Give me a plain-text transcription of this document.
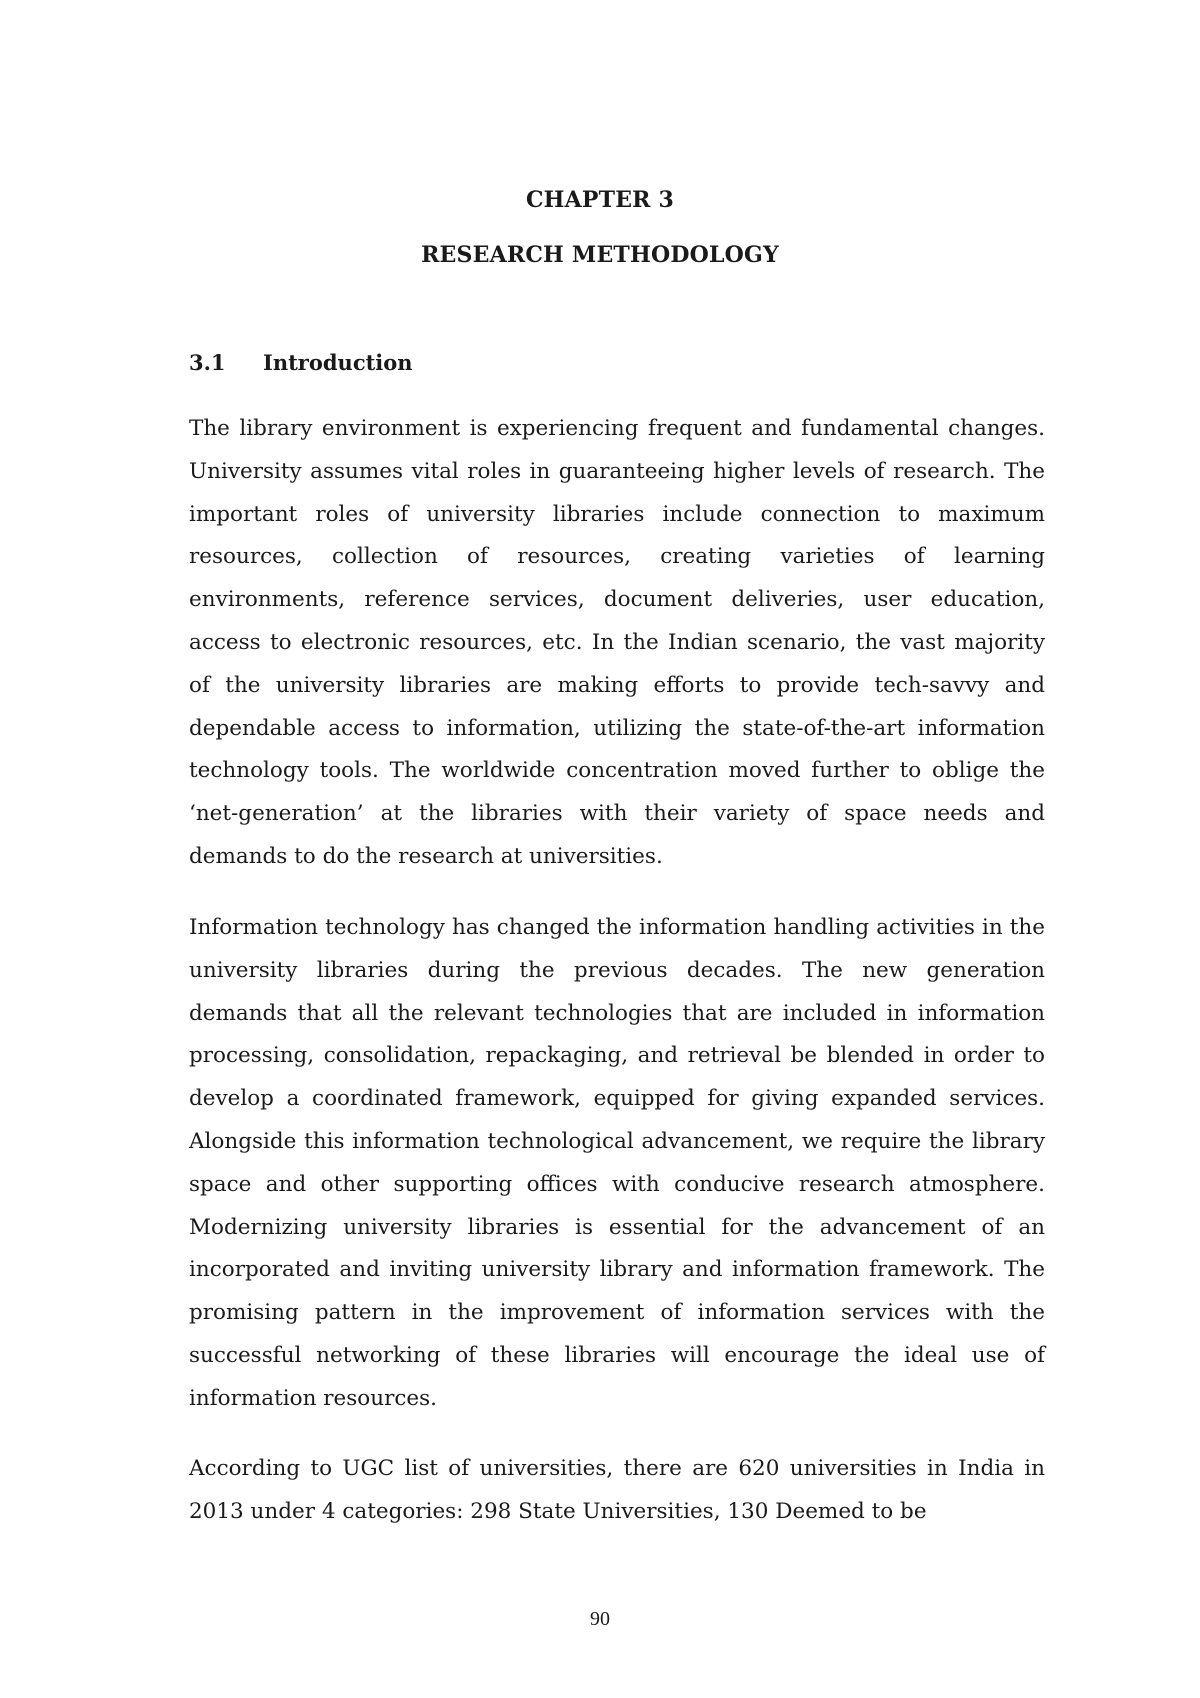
CHAPTER 3
RESEARCH METHODOLOGY
3.1 Introduction

The library environment is experiencing frequent and fundamental changes. University assumes vital roles in guaranteeing higher levels of research. The important roles of university libraries include connection to maximum resources, collection of resources, creating varieties of learning environments, reference services, document deliveries, user education, access to electronic resources, etc. In the Indian scenario, the vast majority of the university libraries are making efforts to provide tech-savvy and dependable access to information, utilizing the state-of-the-art information technology tools. The worldwide concentration moved further to oblige the ‘net-generation’ at the libraries with their variety of space needs and demands to do the research at universities.

Information technology has changed the information handling activities in the university libraries during the previous decades. The new generation demands that all the relevant technologies that are included in information processing, consolidation, repackaging, and retrieval be blended in order to develop a coordinated framework, equipped for giving expanded services. Alongside this information technological advancement, we require the library space and other supporting offices with conducive research atmosphere. Modernizing university libraries is essential for the advancement of an incorporated and inviting university library and information framework. The promising pattern in the improvement of information services with the successful networking of these libraries will encourage the ideal use of information resources.

According to UGC list of universities, there are 620 universities in India in 2013 under 4 categories: 298 State Universities, 130 Deemed to be

90
